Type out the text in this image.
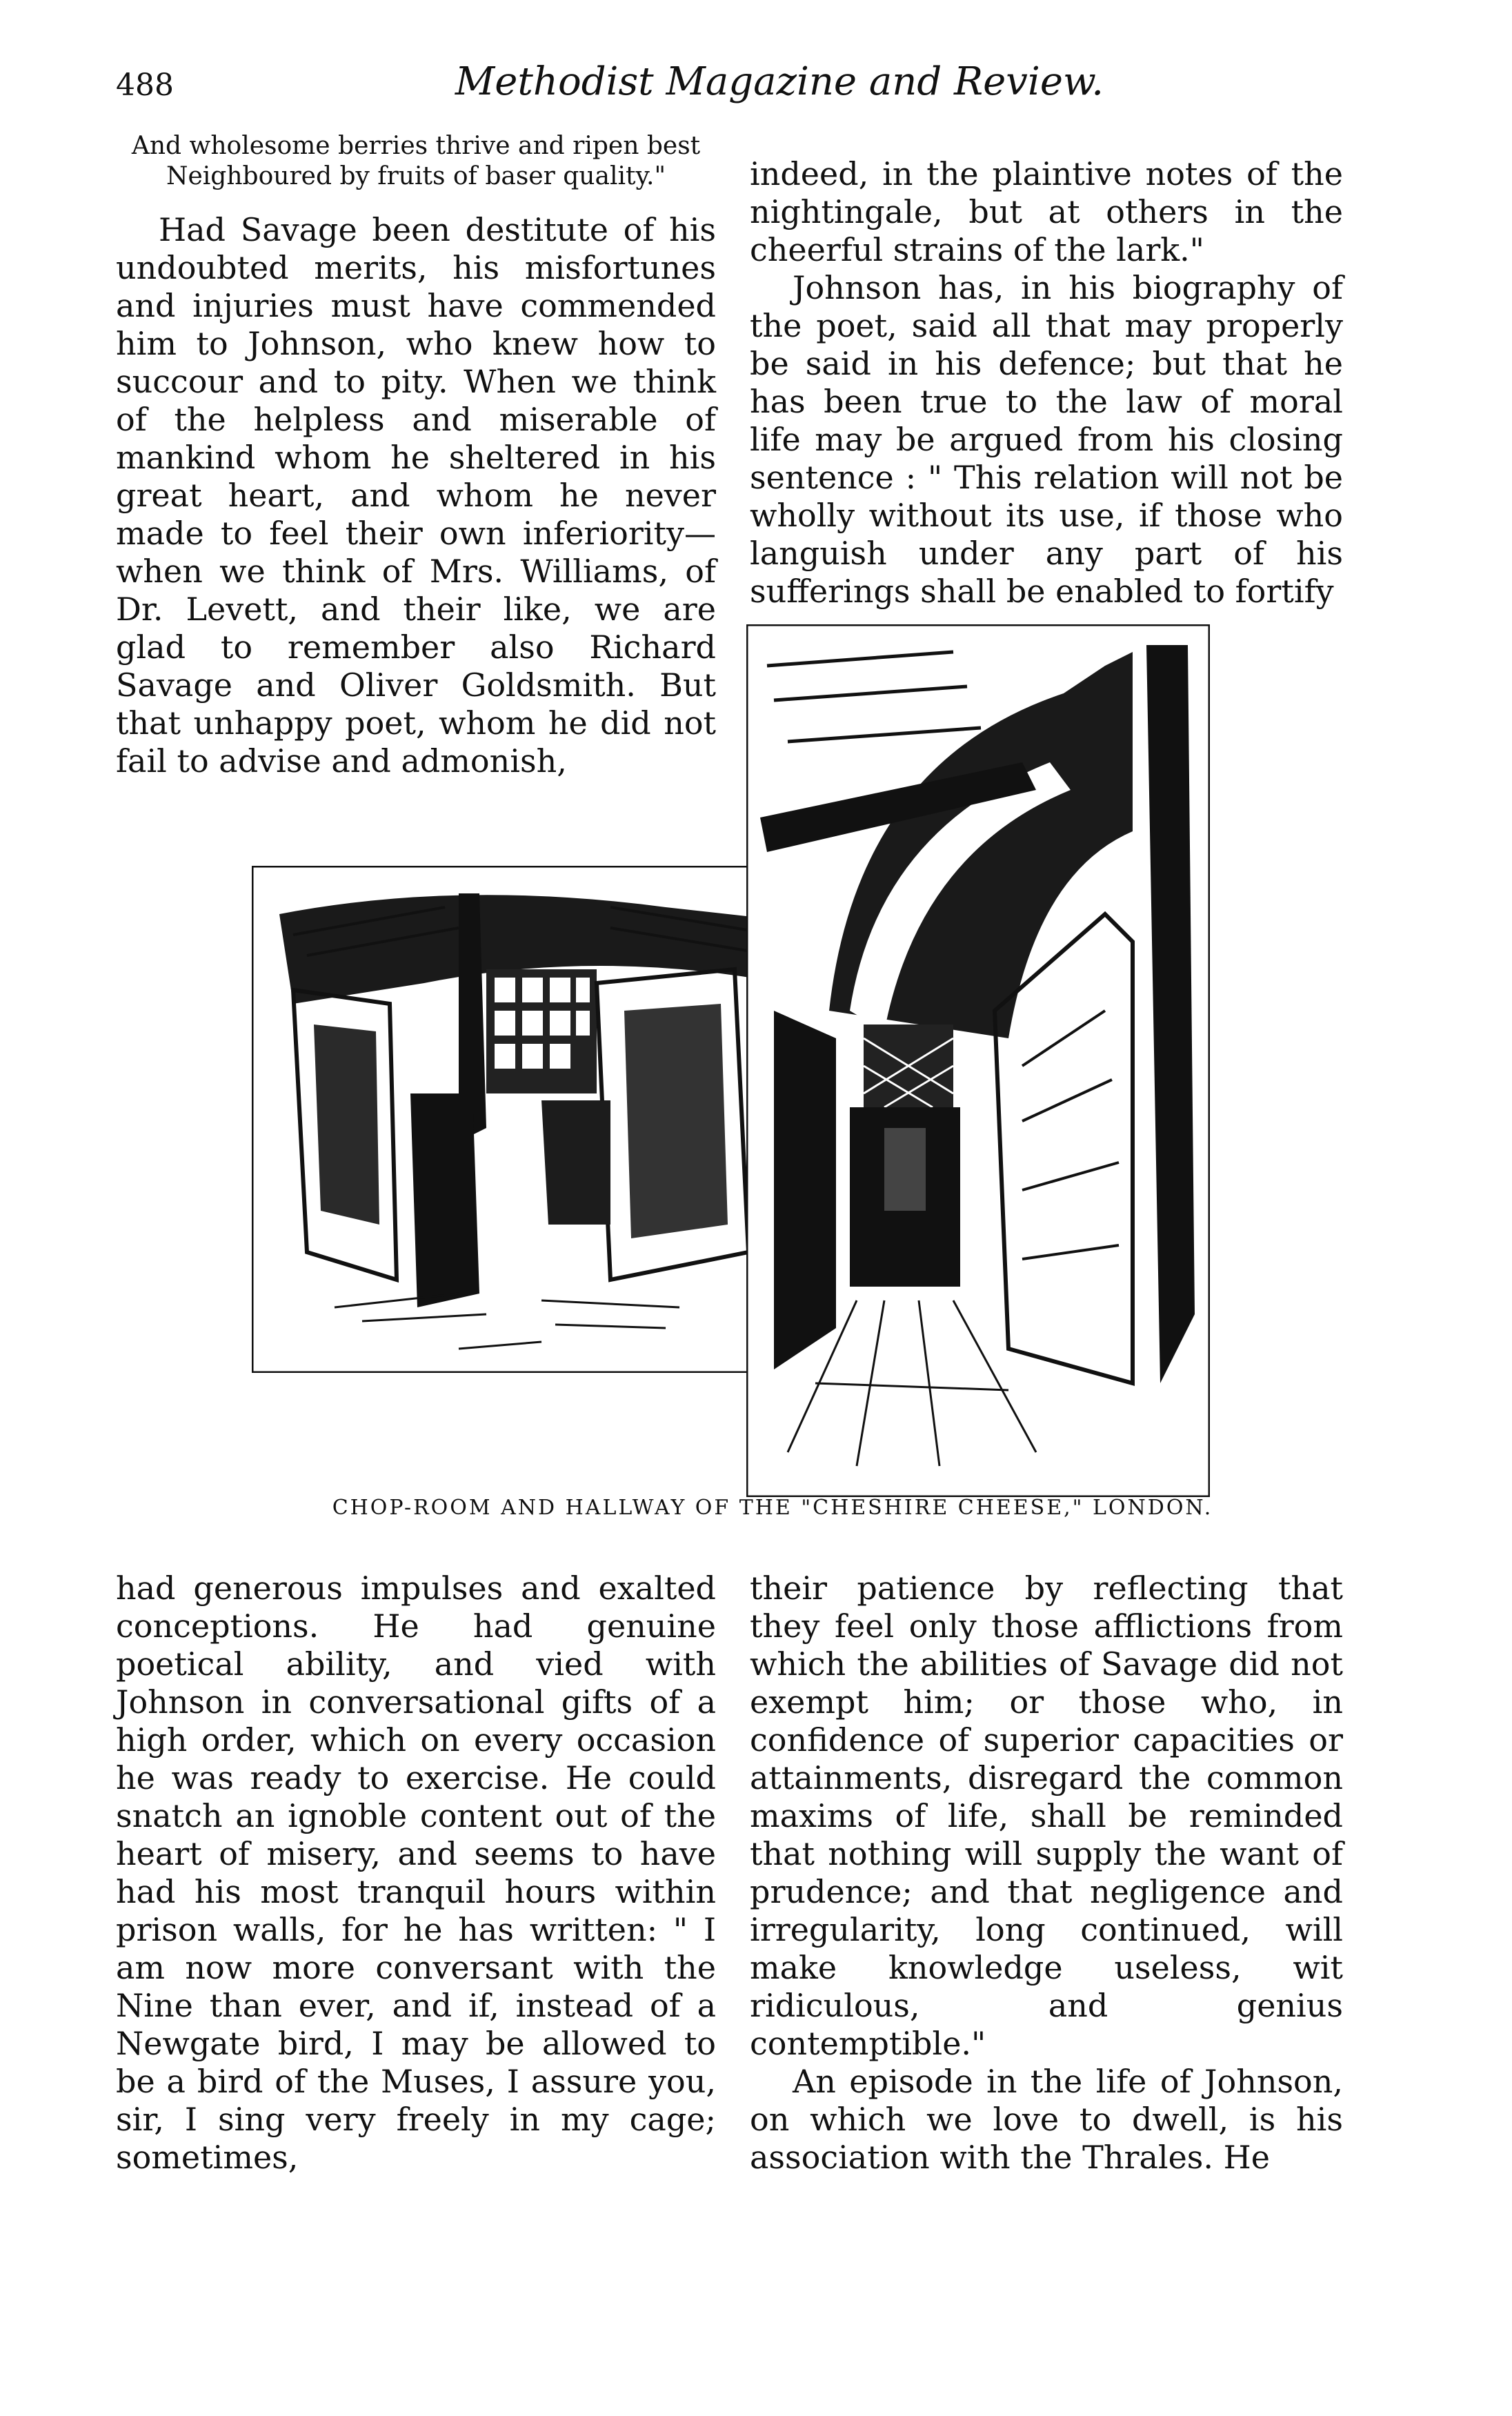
488	Methodist Magazine and Review.

And wholesome berries thrive and ripen best

Neighboured by fruits of baser quality."

Had Savage been destitute of his undoubted merits, his misfortunes and injuries must have commended him to Johnson, who knew how to succour and to pity. When we think of the helpless and miserable of mankind whom he sheltered in his great heart, and whom he never made to feel their own inferiority—when we think of Mrs. Williams, of Dr. Levett, and their like, we are glad to remember also Richard Savage and Oliver Goldsmith. But that unhappy poet, whom he did not fail to advise and admonish,

indeed, in the plaintive notes of the nightingale, but at others in the cheerful strains of the lark."

Johnson has, in his biography of the poet, said all that may properly be said in his defence; but that he has been true to the law of moral life may be argued from his closing sentence : " This relation will not be wholly without its use, if those who languish under any part of his sufferings shall be enabled to fortify

CHOP-ROOM AND HALLWAY OF THE "CHESHIRE CHEESE," LONDON.

had generous impulses and exalted conceptions. He had genuine poetical ability, and vied with Johnson in conversational gifts of a high order, which on every occasion he was ready to exercise. He could snatch an ignoble content out of the heart of misery, and seems to have had his most tranquil hours within prison walls, for he has written: " I am now more conversant with the Nine than ever, and if, instead of a Newgate bird, I may be allowed to be a bird of the Muses, I assure you, sir, I sing very freely in my cage; sometimes,

their patience by reflecting that they feel only those afflictions from which the abilities of Savage did not exempt him; or those who, in confidence of superior capacities or attainments, disregard the common maxims of life, shall be reminded that nothing will supply the want of prudence; and that negligence and irregularity, long continued, will make knowledge useless, wit ridiculous, and genius contemptible."

An episode in the life of Johnson, on which we love to dwell, is his association with the Thrales. He
